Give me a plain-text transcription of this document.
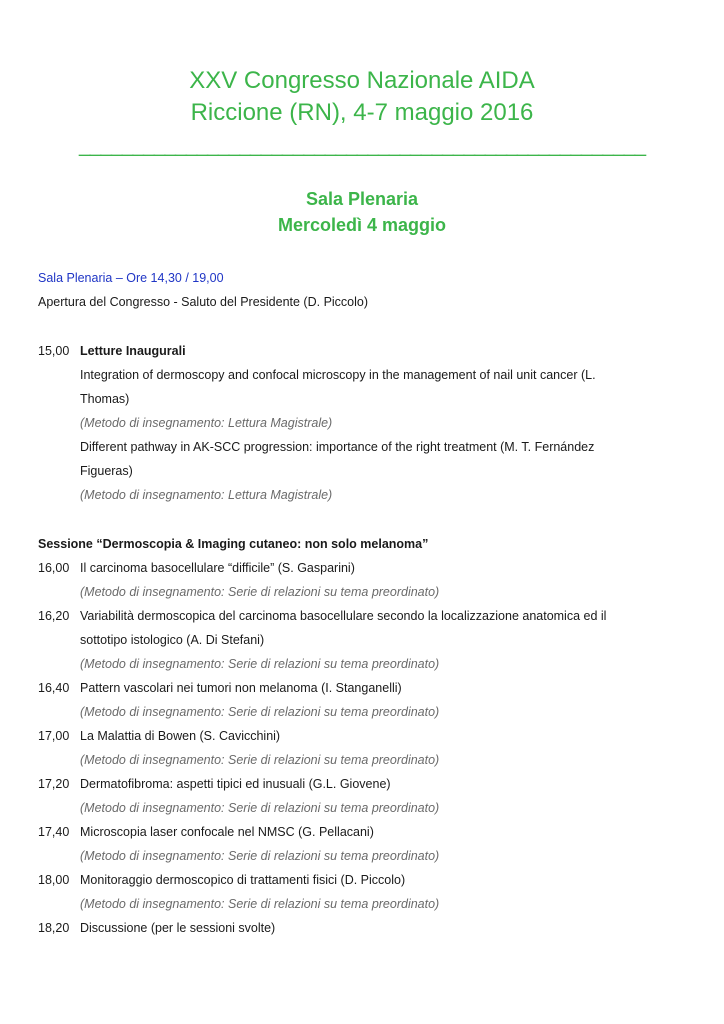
XXV Congresso Nazionale AIDA
Riccione (RN), 4-7 maggio 2016
_____________________________________________________
Sala Plenaria
Mercoledì 4 maggio
Sala Plenaria – Ore 14,30 / 19,00
Apertura del Congresso - Saluto del Presidente (D. Piccolo)
15,00 Letture Inaugurali
Integration of dermoscopy and confocal microscopy in the management of nail unit cancer (L.
Thomas)
(Metodo di insegnamento: Lettura Magistrale)
Different pathway in AK-SCC progression: importance of the right treatment (M. T. Fernández
Figueras)
(Metodo di insegnamento: Lettura Magistrale)
Sessione “Dermoscopia & Imaging cutaneo: non solo melanoma”
16,00 Il carcinoma basocellulare “difficile” (S. Gasparini)
(Metodo di insegnamento: Serie di relazioni su tema preordinato)
16,20 Variabilità dermoscopica del carcinoma basocellulare secondo la localizzazione anatomica ed il
sottotipo istologico (A. Di Stefani)
(Metodo di insegnamento: Serie di relazioni su tema preordinato)
16,40 Pattern vascolari nei tumori non melanoma (I. Stanganelli)
(Metodo di insegnamento: Serie di relazioni su tema preordinato)
17,00 La Malattia di Bowen (S. Cavicchini)
(Metodo di insegnamento: Serie di relazioni su tema preordinato)
17,20 Dermatofibroma: aspetti tipici ed inusuali (G.L. Giovene)
(Metodo di insegnamento: Serie di relazioni su tema preordinato)
17,40 Microscopia laser confocale nel NMSC (G. Pellacani)
(Metodo di insegnamento: Serie di relazioni su tema preordinato)
18,00 Monitoraggio dermoscopico di trattamenti fisici (D. Piccolo)
(Metodo di insegnamento: Serie di relazioni su tema preordinato)
18,20 Discussione (per le sessioni svolte)
